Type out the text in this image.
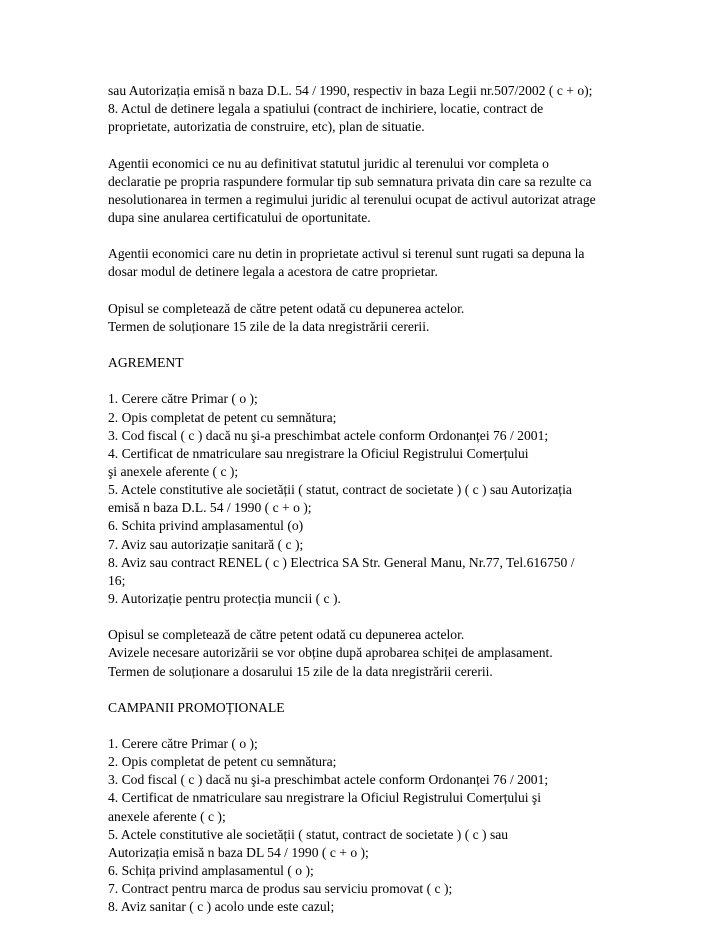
sau Autorizația emisă n baza D.L. 54 / 1990, respectiv in baza Legii nr.507/2002 ( c + o);
8. Actul de detinere legala a spatiului (contract de inchiriere, locatie, contract de
proprietate, autorizatia de construire, etc), plan de situatie.
Agentii economici ce nu au definitivat statutul juridic al terenului vor completa o
declaratie pe propria raspundere formular tip sub semnatura privata din care sa rezulte ca
nesolutionarea in termen a regimului juridic al terenului ocupat de activul autorizat atrage
dupa sine anularea certificatului de oportunitate.
Agentii economici care nu detin in proprietate activul si terenul sunt rugati sa depuna la
dosar modul de detinere legala a acestora de catre proprietar.
Opisul se completează de către petent odată cu depunerea actelor.
Termen de soluționare 15 zile de la data nregistrării cererii.
AGREMENT
1. Cerere către Primar ( o );
2. Opis completat de petent cu semnătura;
3. Cod fiscal ( c ) dacă nu şi-a preschimbat actele conform Ordonanței 76 / 2001;
4. Certificat de nmatriculare sau nregistrare la Oficiul Registrului Comerțului
şi anexele aferente ( c );
5. Actele constitutive ale societății ( statut, contract de societate ) ( c ) sau Autorizația
emisă n baza D.L. 54 / 1990 ( c + o );
6. Schita privind amplasamentul (o)
7. Aviz sau autorizație sanitară ( c );
8. Aviz sau contract RENEL ( c ) Electrica SA Str. General Manu, Nr.77, Tel.616750 /
16;
9. Autorizație pentru protecția muncii ( c ).
Opisul se completează de către petent odată cu depunerea actelor.
Avizele necesare autorizării se vor obține după aprobarea schiței de amplasament.
Termen de soluționare a dosarului 15 zile de la data nregistrării cererii.
CAMPANII PROMOȚIONALE
1. Cerere către Primar ( o );
2. Opis completat de petent cu semnătura;
3. Cod fiscal ( c ) dacă nu şi-a preschimbat actele conform Ordonanței 76 / 2001;
4. Certificat de nmatriculare sau nregistrare la Oficiul Registrului Comerțului şi
anexele aferente ( c );
5. Actele constitutive ale societății ( statut, contract de societate ) ( c ) sau
Autorizația emisă n baza DL 54 / 1990 ( c + o );
6. Schița privind amplasamentul ( o );
7. Contract pentru marca de produs sau serviciu promovat ( c );
8. Aviz sanitar ( c ) acolo unde este cazul;
